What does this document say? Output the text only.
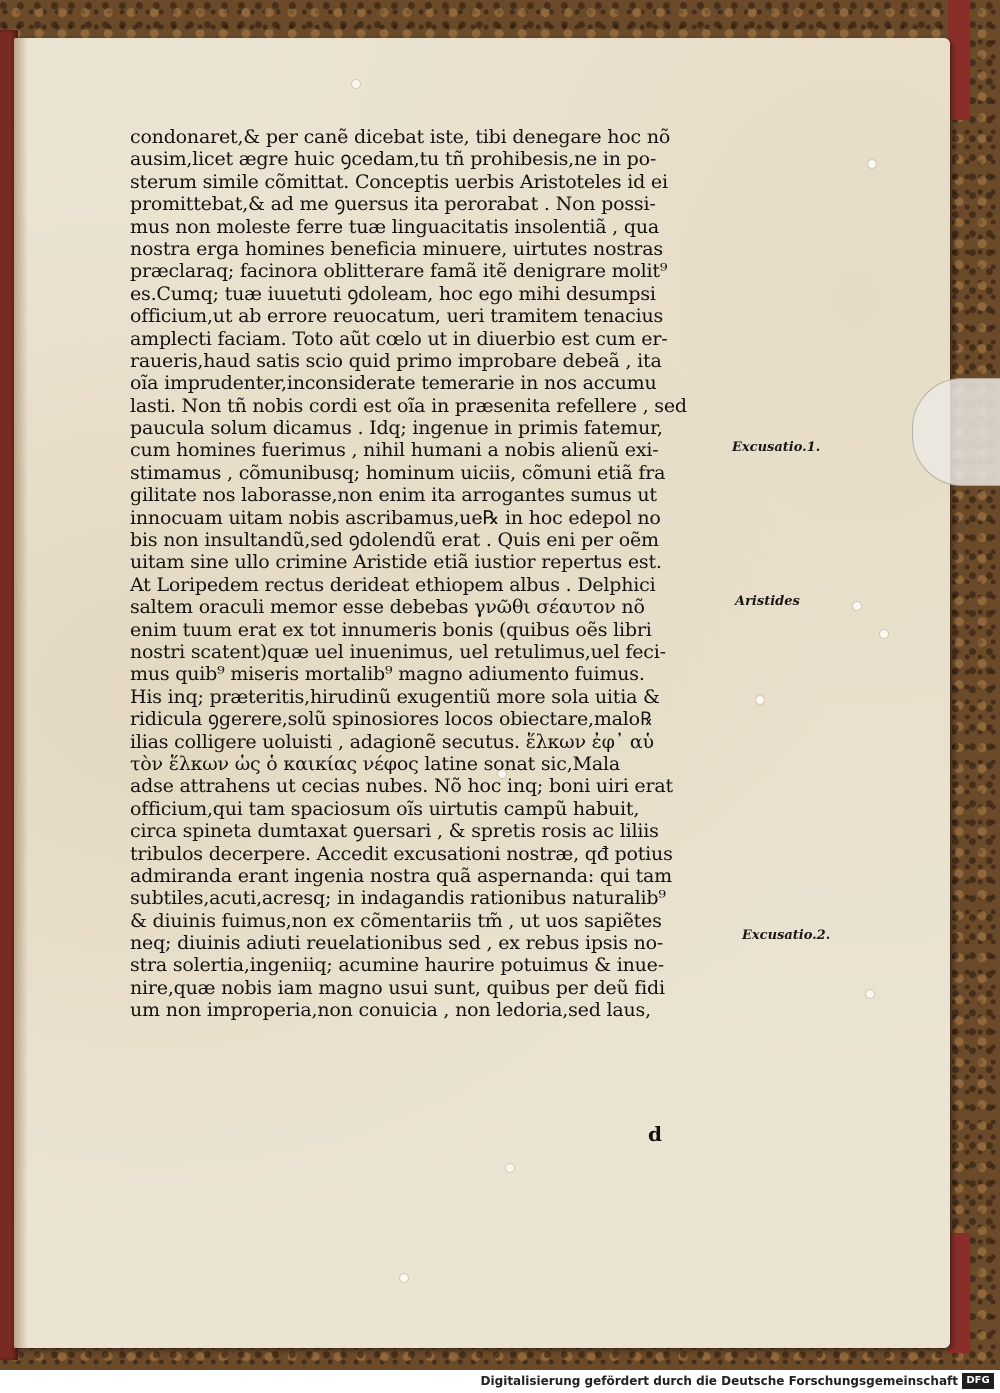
condonaret,& per canẽ dicebat iste, tibi denegare hoc nõ
ausim,licet ægre huic ꝯcedam,tu tñ prohibesis,ne in po-
sterum simile cõmittat. Conceptis uerbis Aristoteles id ei
promittebat,& ad me ꝯuersus ita perorabat . Non possi-
mus non moleste ferre tuæ linguacitatis insolentiã , qua
nostra erga homines beneficia minuere, uirtutes nostras
præclaraq; facinora oblitterare famã itẽ denigrare molit⁹
es.Cumq; tuæ iuuetuti ꝯdoleam, hoc ego mihi desumpsi
officium,ut ab errore reuocatum, ueri tramitem tenacius
amplecti faciam. Toto aũt cœlo ut in diuerbio est cum er-
raueris,haud satis scio quid primo improbare debeã , ita
oĩa imprudenter,inconsiderate temerarie in nos accumu
lasti. Non tñ nobis cordi est oĩa in præsenita refellere , sed
paucula solum dicamus . Idq; ingenue in primis fatemur,
cum homines fuerimus , nihil humani a nobis alienũ exi-
stimamus , cõmunibusq; hominum uiciis, cõmuni etiã fra
gilitate nos laborasse,non enim ita arrogantes sumus ut
innocuam uitam nobis ascribamus,ue℞ in hoc edepol no
bis non insultandũ,sed ꝯdolendũ erat . Quis eni per oẽm
uitam sine ullo crimine Aristide etiã iustior repertus est.
At Loripedem rectus derideat ethiopem albus . Delphici
saltem oraculi memor esse debebas γνῶθι σέαυτον nõ
enim tuum erat ex tot innumeris bonis (quibus oẽs libri
nostri scatent)quæ uel inuenimus, uel retulimus,uel feci-
mus quib⁹ miseris mortalib⁹ magno adiumento fuimus.
His inq; præteritis,hirudinũ exugentiũ more sola uitia &
ridicula ꝯgerere,solũ spinosiores locos obiectare,malo℞
ilias colligere uoluisti , adagionẽ secutus. ἕλκων ἐφ᾽ αὑ
τὸν ἕλκων ὡς ὁ καικίας νέφος latine sonat sic,Mala
adse attrahens ut cecias nubes. Nõ hoc inq; boni uiri erat
officium,qui tam spaciosum oĩs uirtutis campũ habuit,
circa spineta dumtaxat ꝯuersari , & spretis rosis ac liliis
tribulos decerpere. Accedit excusationi nostræ, qđ potius
admiranda erant ingenia nostra quã aspernanda: qui tam
subtiles,acuti,acresq; in indagandis rationibus naturalib⁹
& diuinis fuimus,non ex cõmentariis tm̃ , ut uos sapiẽtes
neq; diuinis adiuti reuelationibus sed , ex rebus ipsis no-
stra solertia,ingeniiq; acumine haurire potuimus & inue-
nire,quæ nobis iam magno usui sunt, quibus per deũ fidi
um non improperia,non conuicia , non ledoria,sed laus,
Excusatio.1.
Aristides
Excusatio.2.
d
Digitalisierung gefördert durch die Deutsche Forschungsgemeinschaft DFG
